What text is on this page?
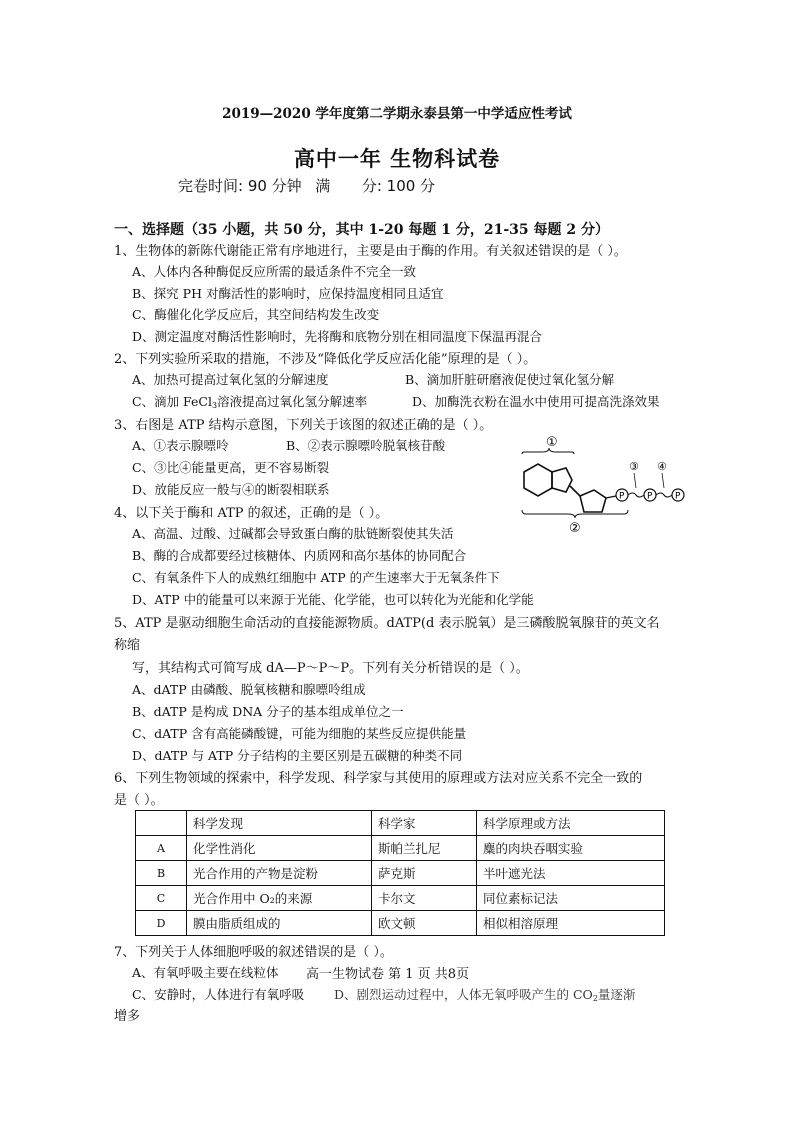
2019—2020 学年度第二学期永泰县第一中学适应性考试
高中一年 生物科试卷
完卷时间: 90 分钟 满 分: 100 分
一、选择题（35 小题，共 50 分，其中 1-20 每题 1 分，21-35 每题 2 分）
1、生物体的新陈代谢能正常有序地进行，主要是由于酶的作用。有关叙述错误的是（ ）。
A、人体内各种酶促反应所需的最适条件不完全一致
B、探究 PH 对酶活性的影响时，应保持温度相同且适宜
C、酶催化化学反应后，其空间结构发生改变
D、测定温度对酶活性影响时，先将酶和底物分别在相同温度下保温再混合
2、下列实验所采取的措施，不涉及“降低化学反应活化能”原理的是（ ）。
A、加热可提高过氧化氢的分解速度	B、滴加肝脏研磨液促使过氧化氢分解
C、滴加 FeCl$_3$溶液提高过氧化氢分解速率	D、加酶洗衣粉在温水中使用可提高洗涤效果
3、右图是 ATP 结构示意图，下列关于该图的叙述正确的是（ ）。
A、①表示腺嘌呤	B、②表示腺嘌呤脱氧核苷酸
C、③比④能量更高，更不容易断裂
D、放能反应一般与④的断裂相联系
①
P	P	P
③ ④
②
4、以下关于酶和 ATP 的叙述，正确的是（ ）。
A、高温、过酸、过碱都会导致蛋白酶的肽链断裂使其失活
B、酶的合成都要经过核糖体、内质网和高尔基体的协同配合
C、有氧条件下人的成熟红细胞中 ATP 的产生速率大于无氧条件下
D、ATP 中的能量可以来源于光能、化学能，也可以转化为光能和化学能
5、ATP 是驱动细胞生命活动的直接能源物质。dATP(d 表示脱氧）是三磷酸脱氧腺苷的英文名
称缩
写，其结构式可简写成 dA—P～P～P。下列有关分析错误的是（ ）。
A、dATP 由磷酸、脱氧核糖和腺嘌呤组成
B、dATP 是构成 DNA 分子的基本组成单位之一
C、dATP 含有高能磷酸键，可能为细胞的某些反应提供能量
D、dATP 与 ATP 分子结构的主要区别是五碳糖的种类不同
6、下列生物领域的探索中，科学发现、科学家与其使用的原理或方法对应关系不完全一致的
是（ ）。
	科学发现	科学家	科学原理或方法
A	化学性消化	斯帕兰扎尼	麋的肉块吞咽实验
B	光合作用的产物是淀粉	萨克斯	半叶遮光法
C	光合作用中 O₂的来源	卡尔文	同位素标记法
D	膜由脂质组成的	欧文顿	相似相溶原理
7、下列关于人体细胞呼吸的叙述错误的是（ ）。
A、有氧呼吸主要在线粒体 高一生物试卷 第 1 页 共8页
C、安静时，人体进行有氧呼吸 D、剧烈运动过程中，人体无氧呼吸产生的 $CO_2$量逐渐
增多
